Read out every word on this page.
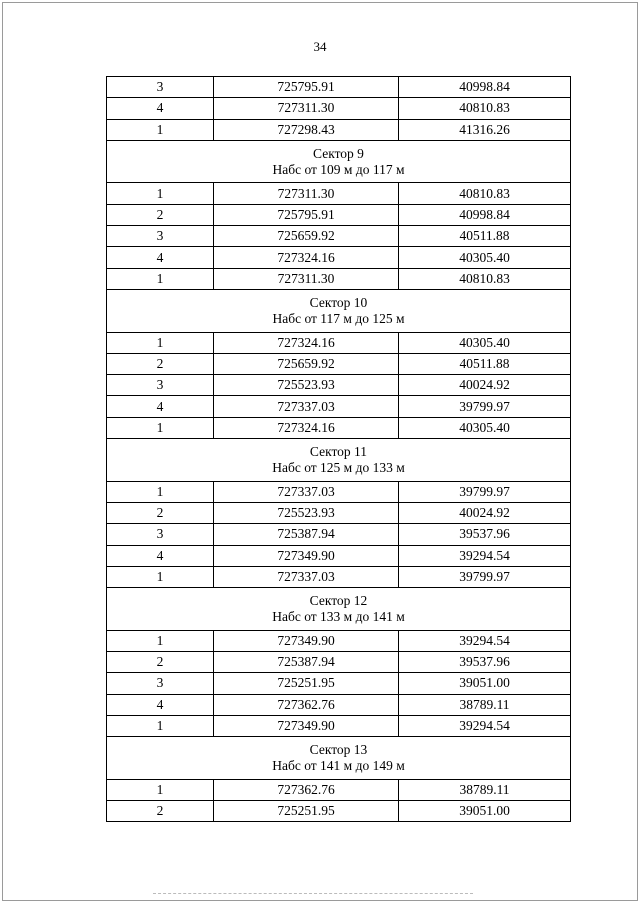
34
3	725795.91	40998.84
4	727311.30	40810.83
1	727298.43	41316.26

Сектор 9
Набс от 109 м до 117 м		

1	727311.30	40810.83
2	725795.91	40998.84
3	725659.92	40511.88
4	727324.16	40305.40
1	727311.30	40810.83

Сектор 10
Набс от 117 м до 125 м		

1	727324.16	40305.40
2	725659.92	40511.88
3	725523.93	40024.92
4	727337.03	39799.97
1	727324.16	40305.40

Сектор 11
Набс от 125 м до 133 м		

1	727337.03	39799.97
2	725523.93	40024.92
3	725387.94	39537.96
4	727349.90	39294.54
1	727337.03	39799.97

Сектор 12
Набс от 133 м до 141 м		

1	727349.90	39294.54
2	725387.94	39537.96
3	725251.95	39051.00
4	727362.76	38789.11
1	727349.90	39294.54

Сектор 13
Набс от 141 м до 149 м		

1	727362.76	38789.11
2	725251.95	39051.00
